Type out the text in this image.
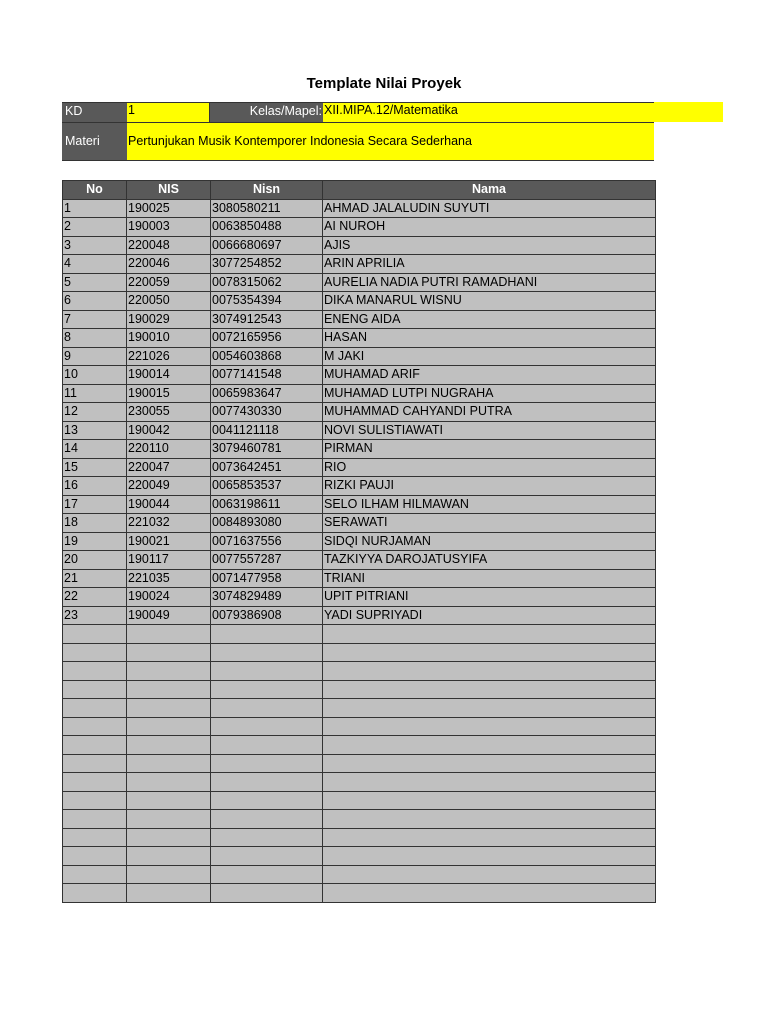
Template Nilai Proyek
KD	1	Kelas/Mapel: XII.MIPA.12/Matematika
Materi	Pertunjukan Musik Kontemporer Indonesia Secara Sederhana
No	NIS	Nisn	Nama
1	190025	3080580211	AHMAD JALALUDIN SUYUTI
2	190003	0063850488	AI NUROH
3	220048	0066680697	AJIS
4	220046	3077254852	ARIN APRILIA
5	220059	0078315062	AURELIA NADIA PUTRI RAMADHANI
6	220050	0075354394	DIKA MANARUL WISNU
7	190029	3074912543	ENENG AIDA
8	190010	0072165956	HASAN
9	221026	0054603868	M JAKI
10	190014	0077141548	MUHAMAD ARIF
11	190015	0065983647	MUHAMAD LUTPI NUGRAHA
12	230055	0077430330	MUHAMMAD CAHYANDI PUTRA
13	190042	0041121118	NOVI SULISTIAWATI
14	220110	3079460781	PIRMAN
15	220047	0073642451	RIO
16	220049	0065853537	RIZKI PAUJI
17	190044	0063198611	SELO ILHAM HILMAWAN
18	221032	0084893080	SERAWATI
19	190021	0071637556	SIDQI NURJAMAN
20	190117	0077557287	TAZKIYYA DAROJATUSYIFA
21	221035	0071477958	TRIANI
22	190024	3074829489	UPIT PITRIANI
23	190049	0079386908	YADI SUPRIYADI
